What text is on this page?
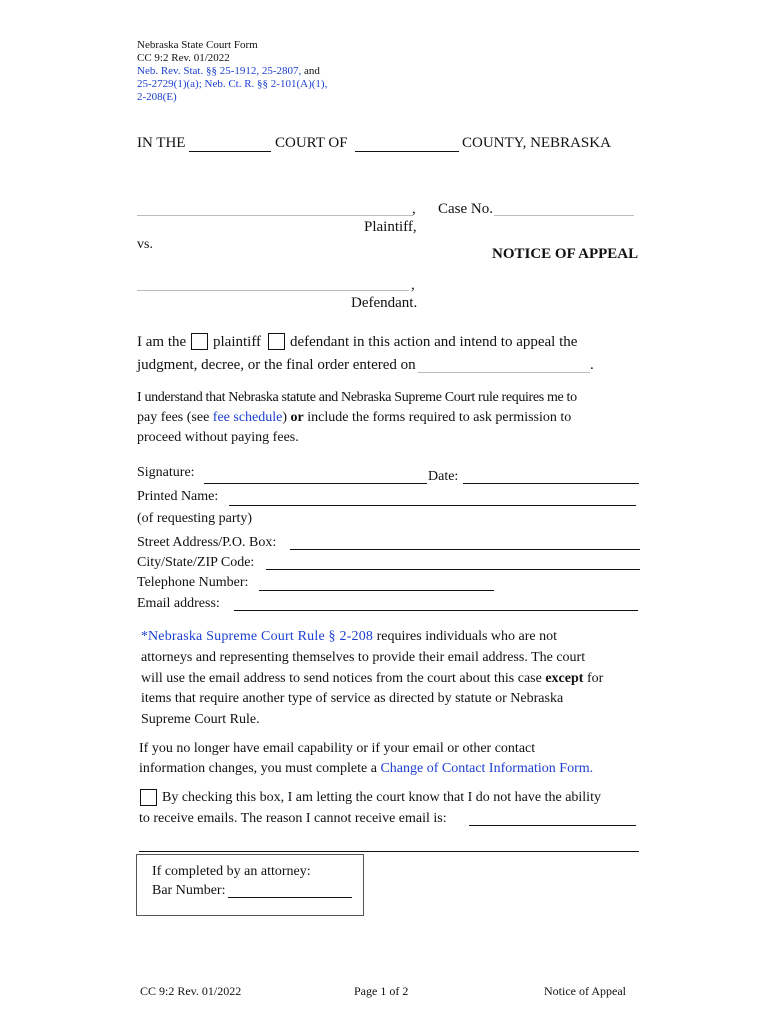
Nebraska State Court Form
CC 9:2 Rev. 01/2022
Neb. Rev. Stat. §§ 25-1912, 25-2807, and
25-2729(1)(a); Neb. Ct. R. §§ 2-101(A)(1),
2-208(E)
IN THE	COURT OF	COUNTY, NEBRASKA
,
Plaintiff,
Case No.
vs.
NOTICE OF APPEAL
,
Defendant.
I am the plaintiff defendant in this action and intend to appeal the
judgment, decree, or the final order entered on	.
I understand that Nebraska statute and Nebraska Supreme Court rule requires me to
pay fees (see fee schedule) or include the forms required to ask permission to
proceed without paying fees.
Signature:	Date:
Printed Name:
(of requesting party)
Street Address/P.O. Box:
City/State/ZIP Code:
Telephone Number:
Email address:
*Nebraska Supreme Court Rule § 2-208 requires individuals who are not
attorneys and representing themselves to provide their email address. The court
will use the email address to send notices from the court about this case except for
items that require another type of service as directed by statute or Nebraska
Supreme Court Rule.
If you no longer have email capability or if your email or other contact
information changes, you must complete a Change of Contact Information Form.
By checking this box, I am letting the court know that I do not have the ability
to receive emails. The reason I cannot receive email is:
If completed by an attorney:
Bar Number:
CC 9:2 Rev. 01/2022	Page 1 of 2	Notice of Appeal
